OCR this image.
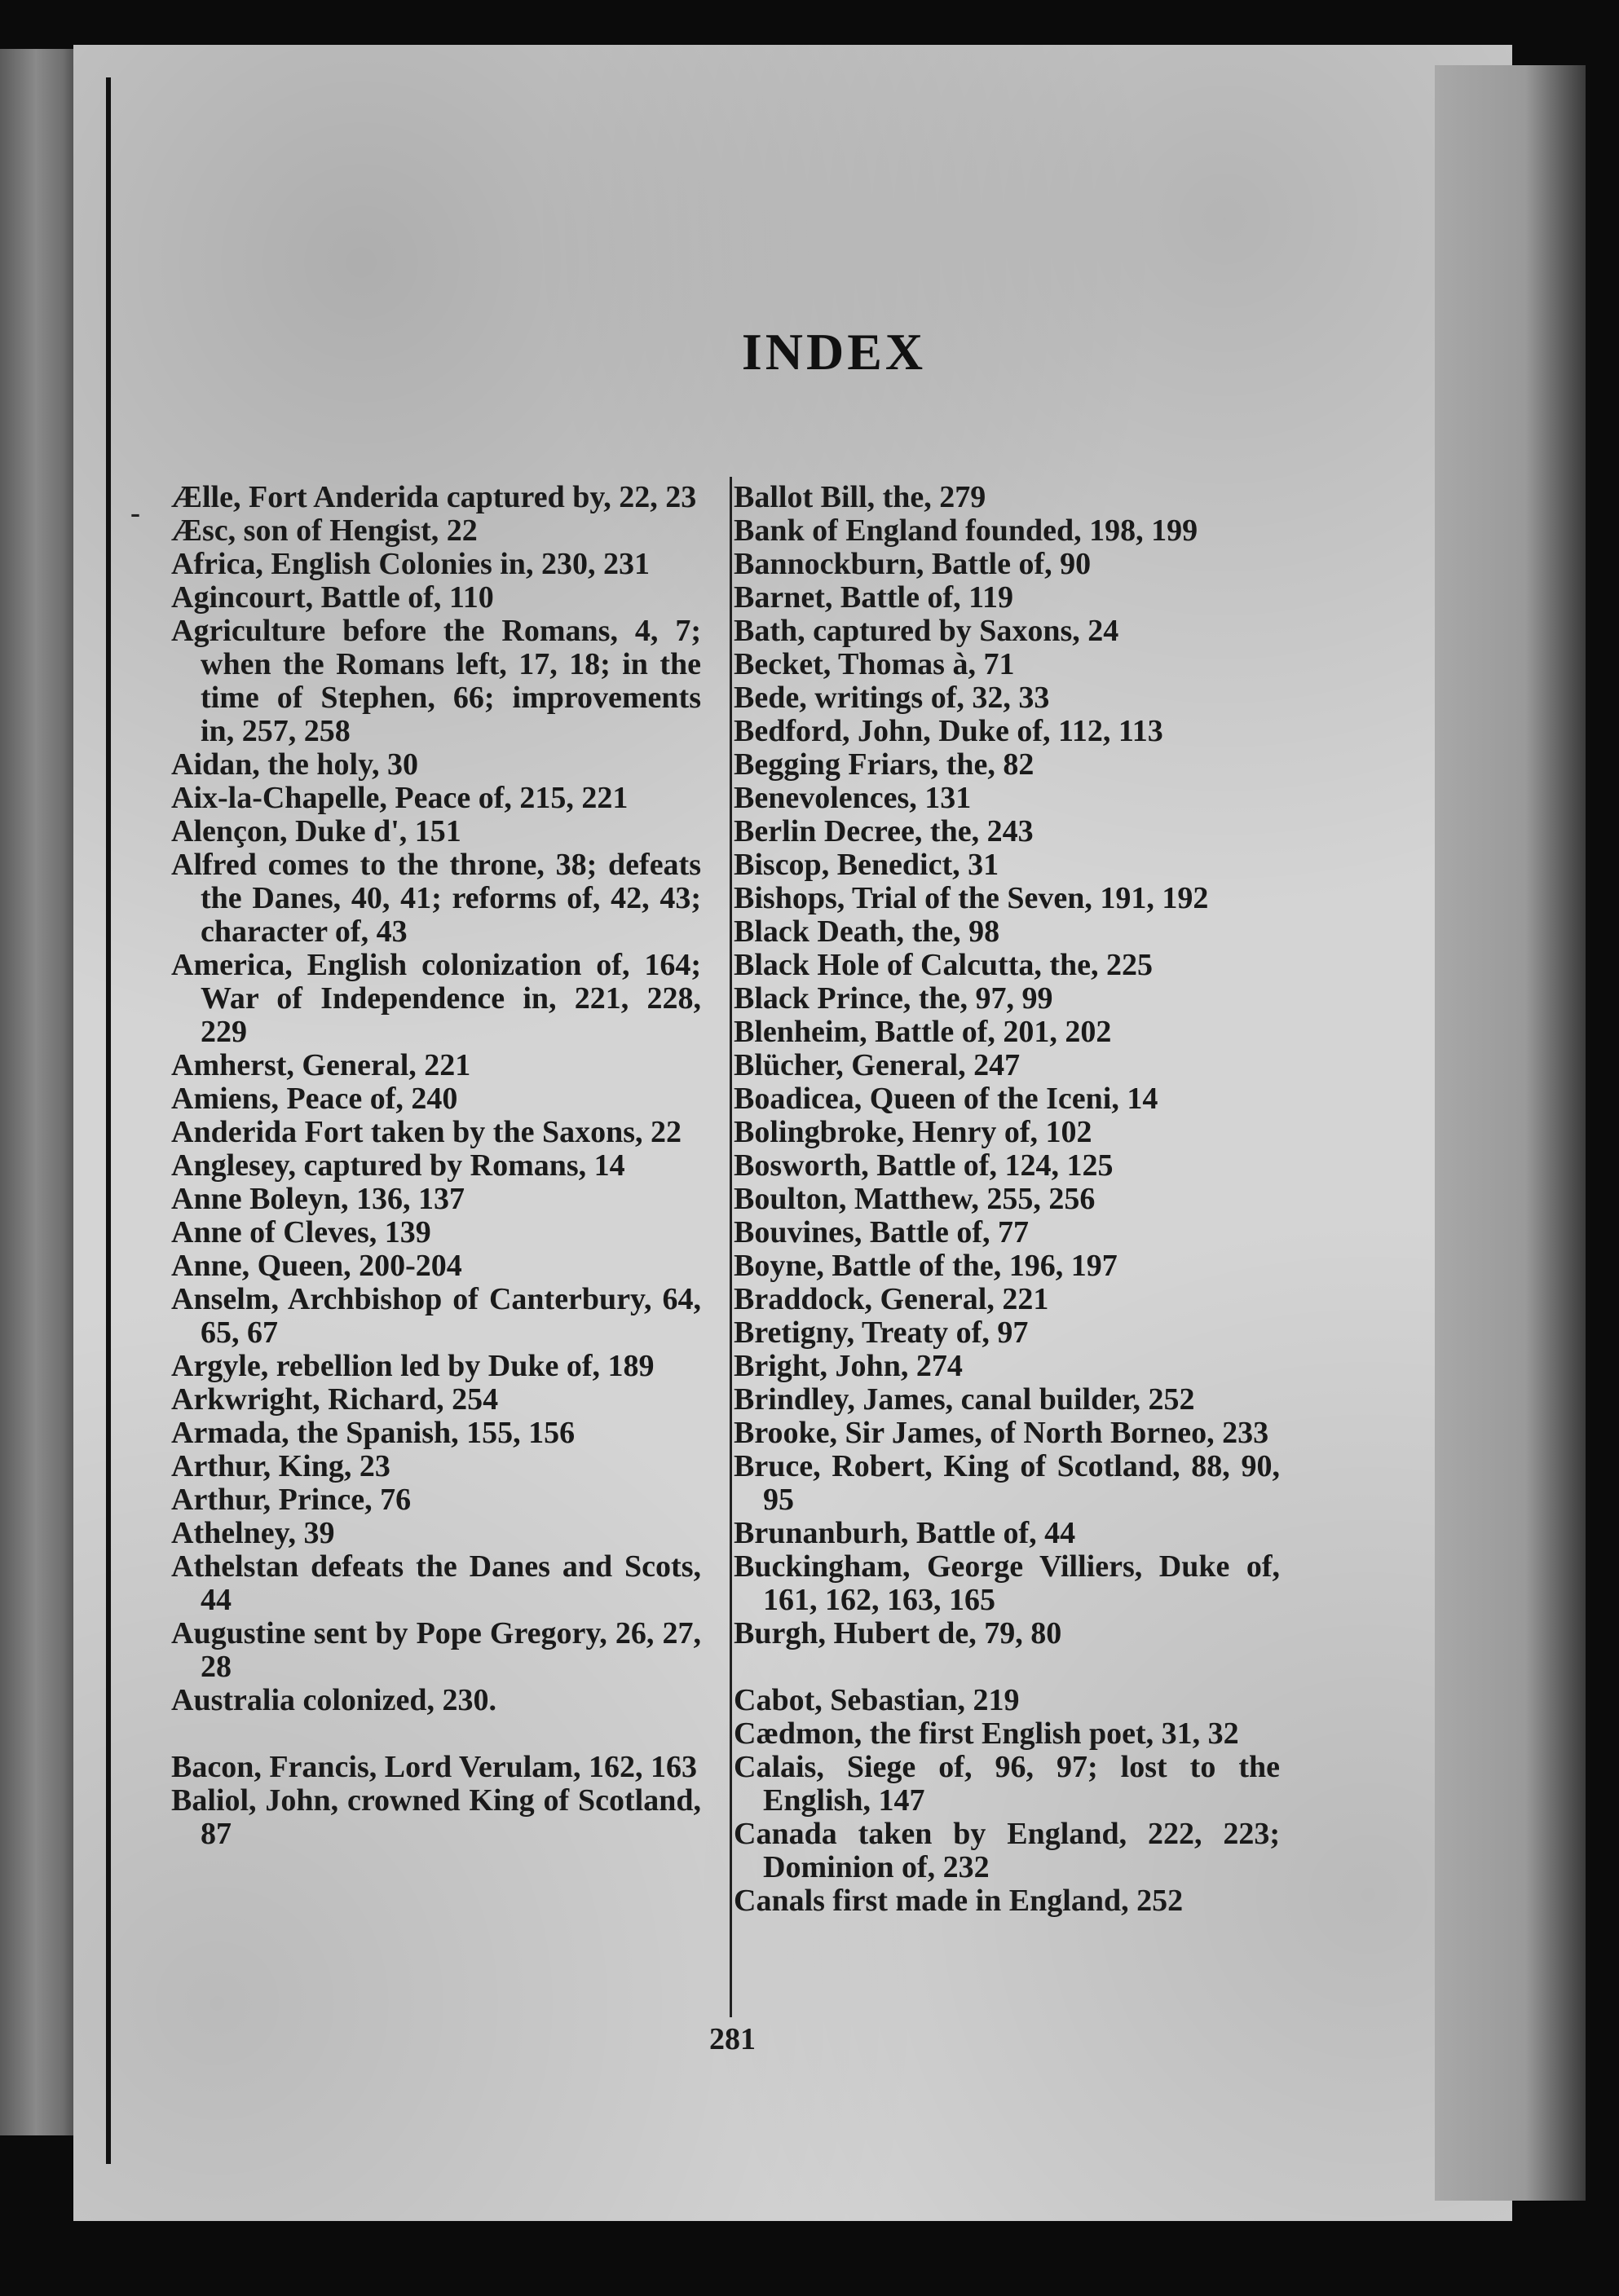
INDEX
- Ælle, Fort Anderida captured by, 22, 23
Æsc, son of Hengist, 22
Africa, English Colonies in, 230, 231
Agincourt, Battle of, 110
Agriculture before the Romans, 4, 7; when the Romans left, 17, 18; in the time of Stephen, 66; improvements in, 257, 258
Aidan, the holy, 30
Aix-la-Chapelle, Peace of, 215, 221
Alençon, Duke d', 151
Alfred comes to the throne, 38; defeats the Danes, 40, 41; reforms of, 42, 43; character of, 43
America, English colonization of, 164; War of Independence in, 221, 228, 229
Amherst, General, 221
Amiens, Peace of, 240
Anderida Fort taken by the Saxons, 22
Anglesey, captured by Romans, 14
Anne Boleyn, 136, 137
Anne of Cleves, 139
Anne, Queen, 200-204
Anselm, Archbishop of Canterbury, 64, 65, 67
Argyle, rebellion led by Duke of, 189
Arkwright, Richard, 254
Armada, the Spanish, 155, 156
Arthur, King, 23
Arthur, Prince, 76
Athelney, 39
Athelstan defeats the Danes and Scots, 44
Augustine sent by Pope Gregory, 26, 27, 28
Australia colonized, 230.
Bacon, Francis, Lord Verulam, 162, 163
Baliol, John, crowned King of Scotland, 87
Ballot Bill, the, 279
Bank of England founded, 198, 199
Bannockburn, Battle of, 90
Barnet, Battle of, 119
Bath, captured by Saxons, 24
Becket, Thomas à, 71
Bede, writings of, 32, 33
Bedford, John, Duke of, 112, 113
Begging Friars, the, 82
Benevolences, 131
Berlin Decree, the, 243
Biscop, Benedict, 31
Bishops, Trial of the Seven, 191, 192
Black Death, the, 98
Black Hole of Calcutta, the, 225
Black Prince, the, 97, 99
Blenheim, Battle of, 201, 202
Blücher, General, 247
Boadicea, Queen of the Iceni, 14
Bolingbroke, Henry of, 102
Bosworth, Battle of, 124, 125
Boulton, Matthew, 255, 256
Bouvines, Battle of, 77
Boyne, Battle of the, 196, 197
Braddock, General, 221
Bretigny, Treaty of, 97
Bright, John, 274
Brindley, James, canal builder, 252
Brooke, Sir James, of North Borneo, 233
Bruce, Robert, King of Scotland, 88, 90, 95
Brunanburh, Battle of, 44
Buckingham, George Villiers, Duke of, 161, 162, 163, 165
Burgh, Hubert de, 79, 80
Cabot, Sebastian, 219
Cædmon, the first English poet, 31, 32
Calais, Siege of, 96, 97; lost to the English, 147
Canada taken by England, 222, 223; Dominion of, 232
Canals first made in England, 252
281
